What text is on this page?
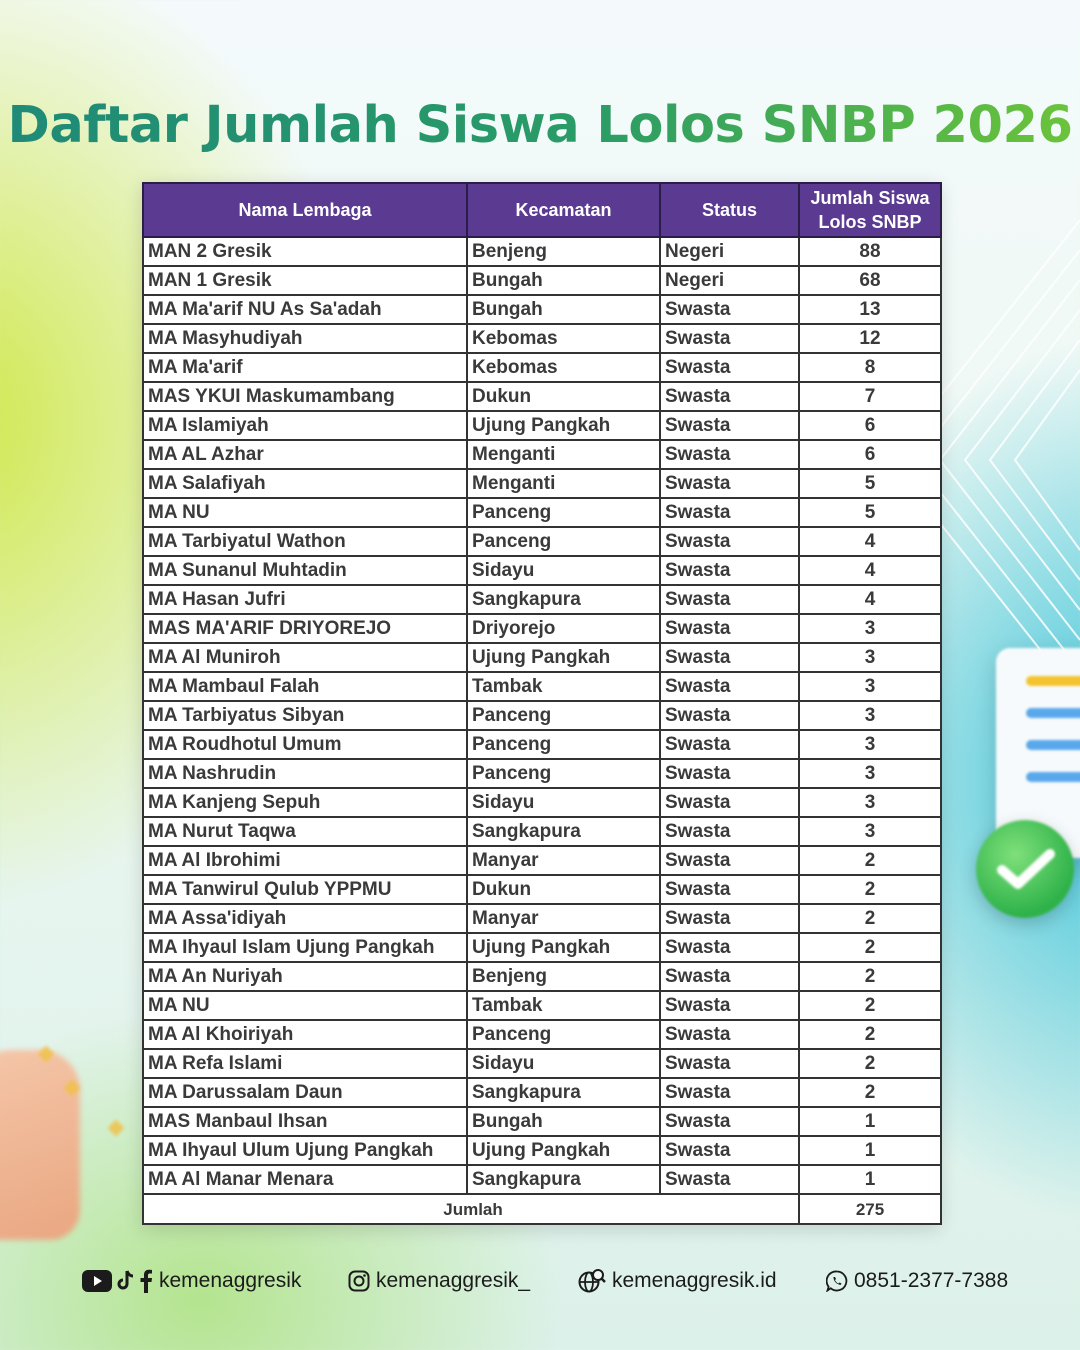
Daftar Jumlah Siswa Lolos SNBP 2026
Nama Lembaga	Kecamatan	Status	Jumlah Siswa Lolos SNBP
MAN 2 Gresik	Benjeng	Negeri	88
MAN 1 Gresik	Bungah	Negeri	68
MA Ma'arif NU As Sa'adah	Bungah	Swasta	13
MA Masyhudiyah	Kebomas	Swasta	12
MA Ma'arif	Kebomas	Swasta	8
MAS YKUI Maskumambang	Dukun	Swasta	7
MA Islamiyah	Ujung Pangkah	Swasta	6
MA AL Azhar	Menganti	Swasta	6
MA Salafiyah	Menganti	Swasta	5
MA NU	Panceng	Swasta	5
MA Tarbiyatul Wathon	Panceng	Swasta	4
MA Sunanul Muhtadin	Sidayu	Swasta	4
MA Hasan Jufri	Sangkapura	Swasta	4
MAS MA'ARIF DRIYOREJO	Driyorejo	Swasta	3
MA Al Muniroh	Ujung Pangkah	Swasta	3
MA Mambaul Falah	Tambak	Swasta	3
MA Tarbiyatus Sibyan	Panceng	Swasta	3
MA Roudhotul Umum	Panceng	Swasta	3
MA Nashrudin	Panceng	Swasta	3
MA Kanjeng Sepuh	Sidayu	Swasta	3
MA Nurut Taqwa	Sangkapura	Swasta	3
MA Al Ibrohimi	Manyar	Swasta	2
MA Tanwirul Qulub YPPMU	Dukun	Swasta	2
MA Assa'idiyah	Manyar	Swasta	2
MA Ihyaul Islam Ujung Pangkah	Ujung Pangkah	Swasta	2
MA An Nuriyah	Benjeng	Swasta	2
MA NU	Tambak	Swasta	2
MA Al Khoiriyah	Panceng	Swasta	2
MA Refa Islami	Sidayu	Swasta	2
MA Darussalam Daun	Sangkapura	Swasta	2
MAS Manbaul Ihsan	Bungah	Swasta	1
MA Ihyaul Ulum Ujung Pangkah	Ujung Pangkah	Swasta	1
MA Al Manar Menara	Sangkapura	Swasta	1
Jumlah			275
kemenaggresik	kemenaggresik_	kemenaggresik.id	0851-2377-7388
